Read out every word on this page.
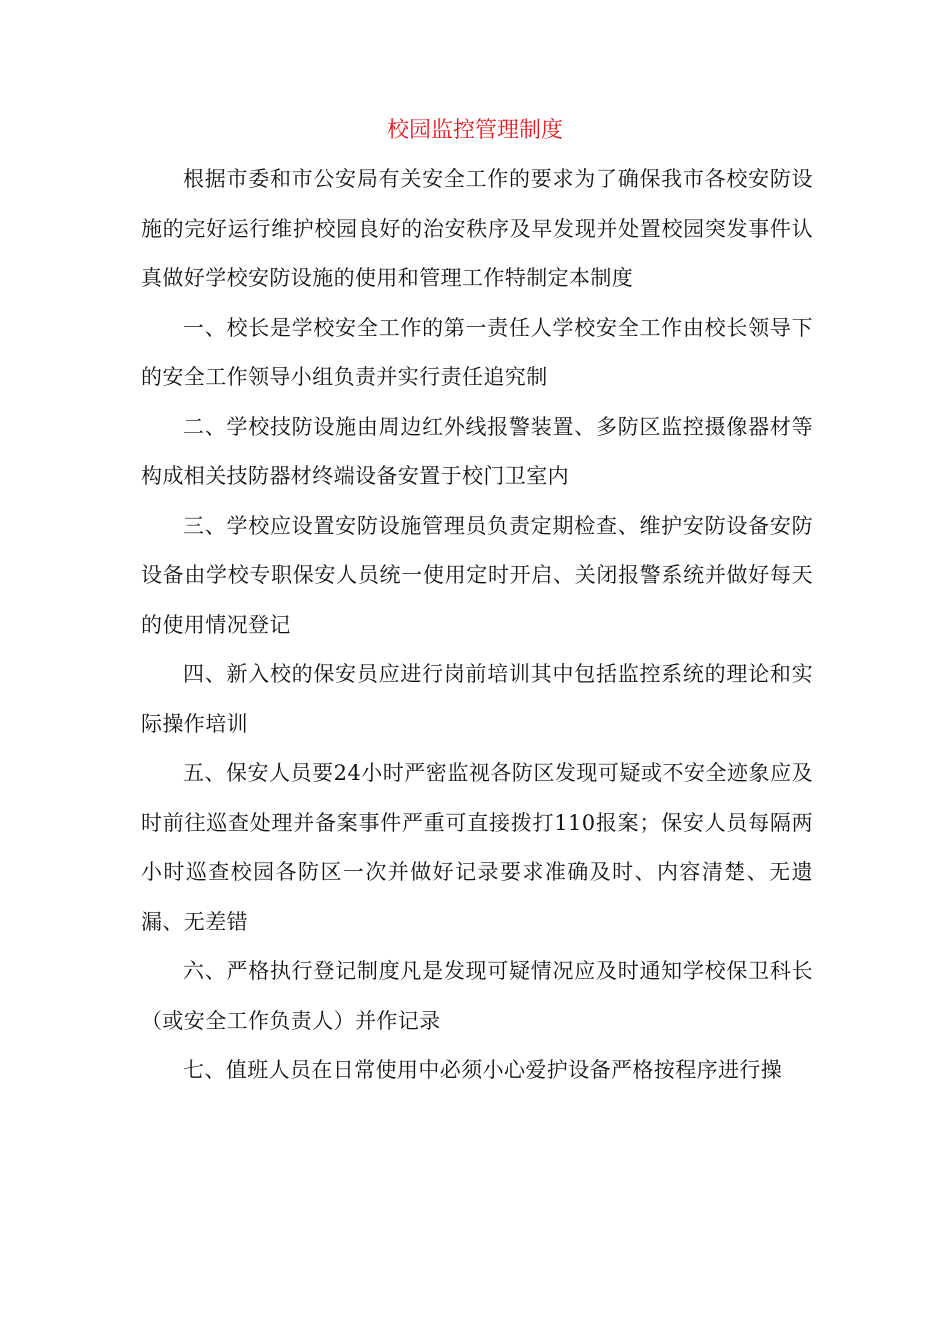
校园监控管理制度

根据市委和市公安局有关安全工作的要求为了确保我市各校安防设施的完好运行维护校园良好的治安秩序及早发现并处置校园突发事件认真做好学校安防设施的使用和管理工作特制定本制度

一、校长是学校安全工作的第一责任人学校安全工作由校长领导下的安全工作领导小组负责并实行责任追究制

二、学校技防设施由周边红外线报警装置、多防区监控摄像器材等构成相关技防器材终端设备安置于校门卫室内

三、学校应设置安防设施管理员负责定期检查、维护安防设备安防设备由学校专职保安人员统一使用定时开启、关闭报警系统并做好每天的使用情况登记

四、新入校的保安员应进行岗前培训其中包括监控系统的理论和实际操作培训

五、保安人员要24小时严密监视各防区发现可疑或不安全迹象应及时前往巡查处理并备案事件严重可直接拨打110报案；保安人员每隔两小时巡查校园各防区一次并做好记录要求准确及时、内容清楚、无遗漏、无差错

六、严格执行登记制度凡是发现可疑情况应及时通知学校保卫科长（或安全工作负责人）并作记录

七、值班人员在日常使用中必须小心爱护设备严格按程序进行操
